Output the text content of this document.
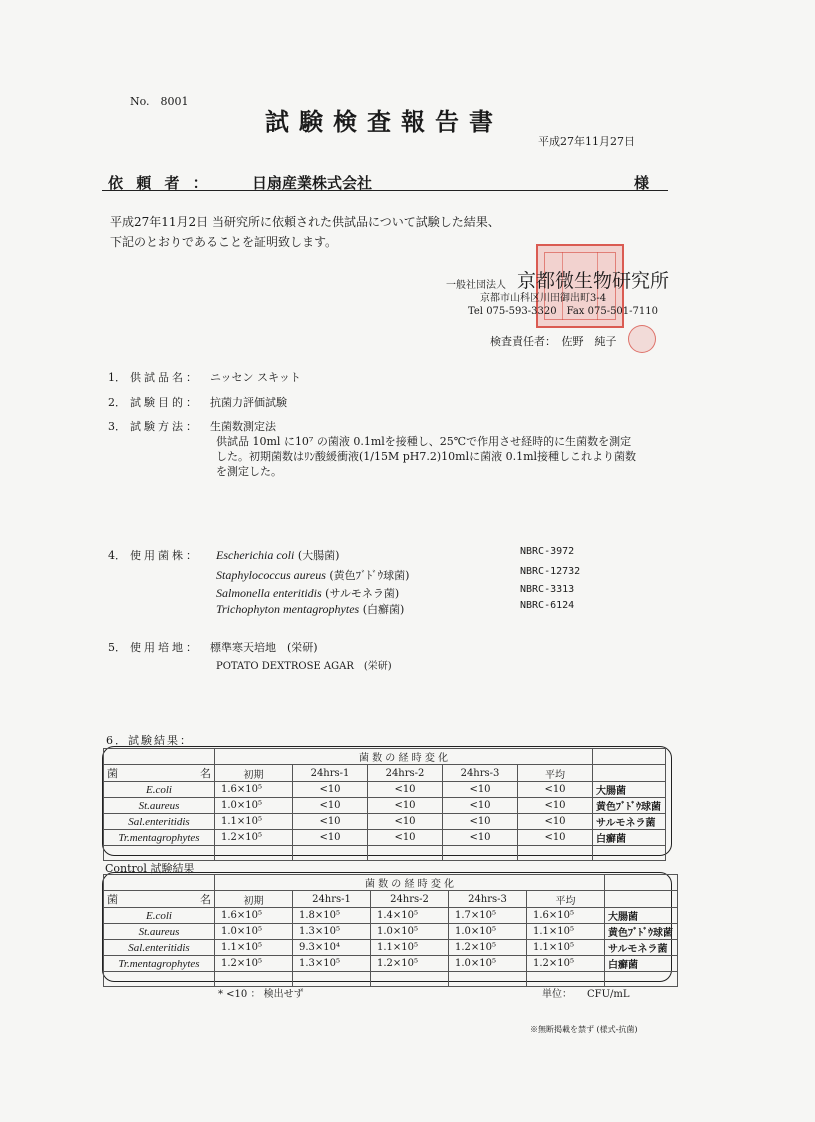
No.　8001
試験検査報告書
平成27年11月27日
依 頼 者 ：	日扇産業株式会社	様
平成27年11月2日 当研究所に依頼された供試品について試験した結果、
下記のとおりであることを証明致します。
一般社団法人 京都微生物研究所
京都市山科区川田御出町3-4
Tel 075-593-3320　Fax 075-501-7110
検査責任者：　佐野　純子
1． 供試品名： ニッセン スキット
2． 試験目的： 抗菌力評価試験
3． 試験方法： 生菌数測定法
供試品 10ml に10⁷ の菌液 0.1mlを接種し、25℃で作用させ経時的に生菌数を測定
した。初期菌数はﾘﾝ酸緩衝液(1/15M pH7.2)10mlに菌液 0.1ml接種しこれより菌数
を測定した。
4． 使用菌株：	Escherichia coli (大腸菌)	NBRC-3972
Staphylococcus aureus (黄色ﾌﾞﾄﾞｳ球菌)	NBRC-12732
Salmonella enteritidis (サルモネラ菌)	NBRC-3313
Trichophyton mentagrophytes (白癬菌)	NBRC-6124
5． 使用培地： 標準寒天培地　(栄研)
POTATO DEXTROSE AGAR　(栄研)
6．試験結果：
	菌 数 の 経 時 変 化					
菌 名	初期	24hrs-1	24hrs-2	24hrs-3	平均	
E.coli	1.6×10⁵	<10	<10	<10	<10	大腸菌
St.aureus	1.0×10⁵	<10	<10	<10	<10	黄色ﾌﾞﾄﾞｳ球菌
Sal.enteritidis	1.1×10⁵	<10	<10	<10	<10	サルモネラ菌
Tr.mentagrophytes	1.2×10⁵	<10	<10	<10	<10	白癬菌

Control 試験結果
	菌 数 の 経 時 変 化					
菌 名	初期	24hrs-1	24hrs-2	24hrs-3	平均	
E.coli	1.6×10⁵	1.8×10⁵	1.4×10⁵	1.7×10⁵	1.6×10⁵	大腸菌
St.aureus	1.0×10⁵	1.3×10⁵	1.0×10⁵	1.0×10⁵	1.1×10⁵	黄色ﾌﾞﾄﾞｳ球菌
Sal.enteritidis	1.1×10⁵	9.3×10⁴	1.1×10⁵	1.2×10⁵	1.1×10⁵	サルモネラ菌
Tr.mentagrophytes	1.2×10⁵	1.3×10⁵	1.2×10⁵	1.0×10⁵	1.2×10⁵	白癬菌

* <10 ： 検出せず	単位：　　CFU/mL
※無断掲載を禁ず (様式-抗菌)
